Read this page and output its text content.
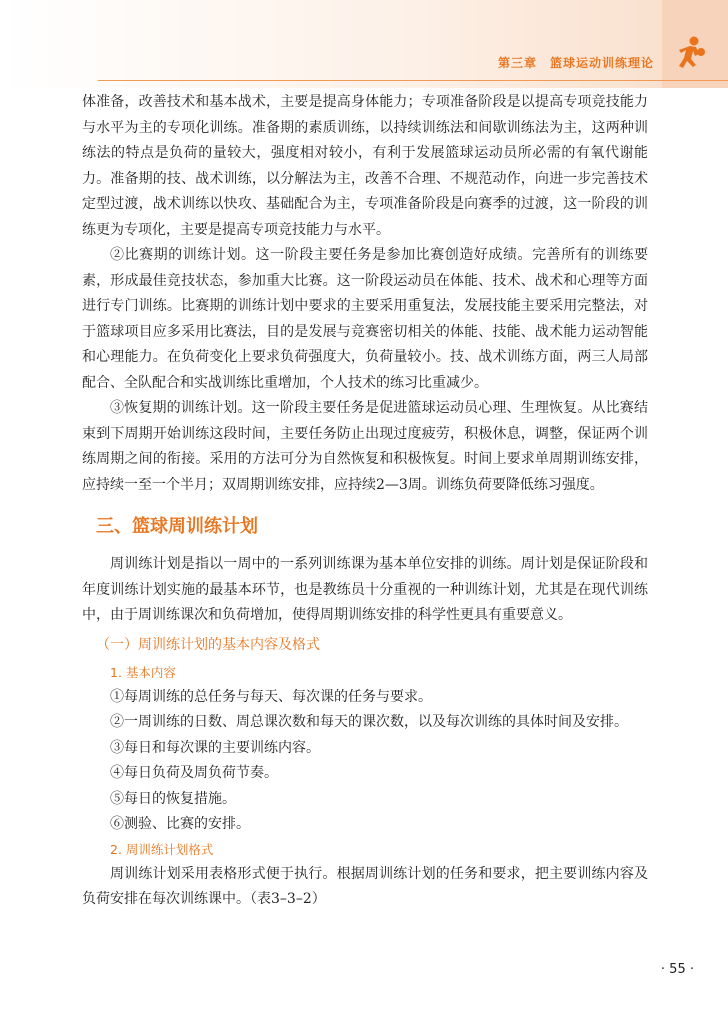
第三章　篮球运动训练理论

体准备，改善技术和基本战术，主要是提高身体能力；专项准备阶段是以提高专项竞技能力与水平为主的专项化训练。准备期的素质训练，以持续训练法和间歇训练法为主，这两种训练法的特点是负荷的量较大，强度相对较小，有利于发展篮球运动员所必需的有氧代谢能力。准备期的技、战术训练，以分解法为主，改善不合理、不规范动作，向进一步完善技术定型过渡，战术训练以快攻、基础配合为主，专项准备阶段是向赛季的过渡，这一阶段的训练更为专项化，主要是提高专项竞技能力与水平。

②比赛期的训练计划。这一阶段主要任务是参加比赛创造好成绩。完善所有的训练要素，形成最佳竞技状态，参加重大比赛。这一阶段运动员在体能、技术、战术和心理等方面进行专门训练。比赛期的训练计划中要求的主要采用重复法，发展技能主要采用完整法，对于篮球项目应多采用比赛法，目的是发展与竞赛密切相关的体能、技能、战术能力运动智能和心理能力。在负荷变化上要求负荷强度大，负荷量较小。技、战术训练方面，两三人局部配合、全队配合和实战训练比重增加，个人技术的练习比重减少。

③恢复期的训练计划。这一阶段主要任务是促进篮球运动员心理、生理恢复。从比赛结束到下周期开始训练这段时间，主要任务防止出现过度疲劳，积极休息，调整，保证两个训练周期之间的衔接。采用的方法可分为自然恢复和积极恢复。时间上要求单周期训练安排，应持续一至一个半月；双周期训练安排，应持续2—3周。训练负荷要降低练习强度。

三、篮球周训练计划

周训练计划是指以一周中的一系列训练课为基本单位安排的训练。周计划是保证阶段和年度训练计划实施的最基本环节，也是教练员十分重视的一种训练计划，尤其是在现代训练中，由于周训练课次和负荷增加，使得周期训练安排的科学性更具有重要意义。

（一）周训练计划的基本内容及格式
1. 基本内容
①每周训练的总任务与每天、每次课的任务与要求。
②一周训练的日数、周总课次数和每天的课次数，以及每次训练的具体时间及安排。
③每日和每次课的主要训练内容。
④每日负荷及周负荷节奏。
⑤每日的恢复措施。
⑥测验、比赛的安排。
2. 周训练计划格式

周训练计划采用表格形式便于执行。根据周训练计划的任务和要求，把主要训练内容及负荷安排在每次训练课中。（表3–3–2）

· 55 ·
